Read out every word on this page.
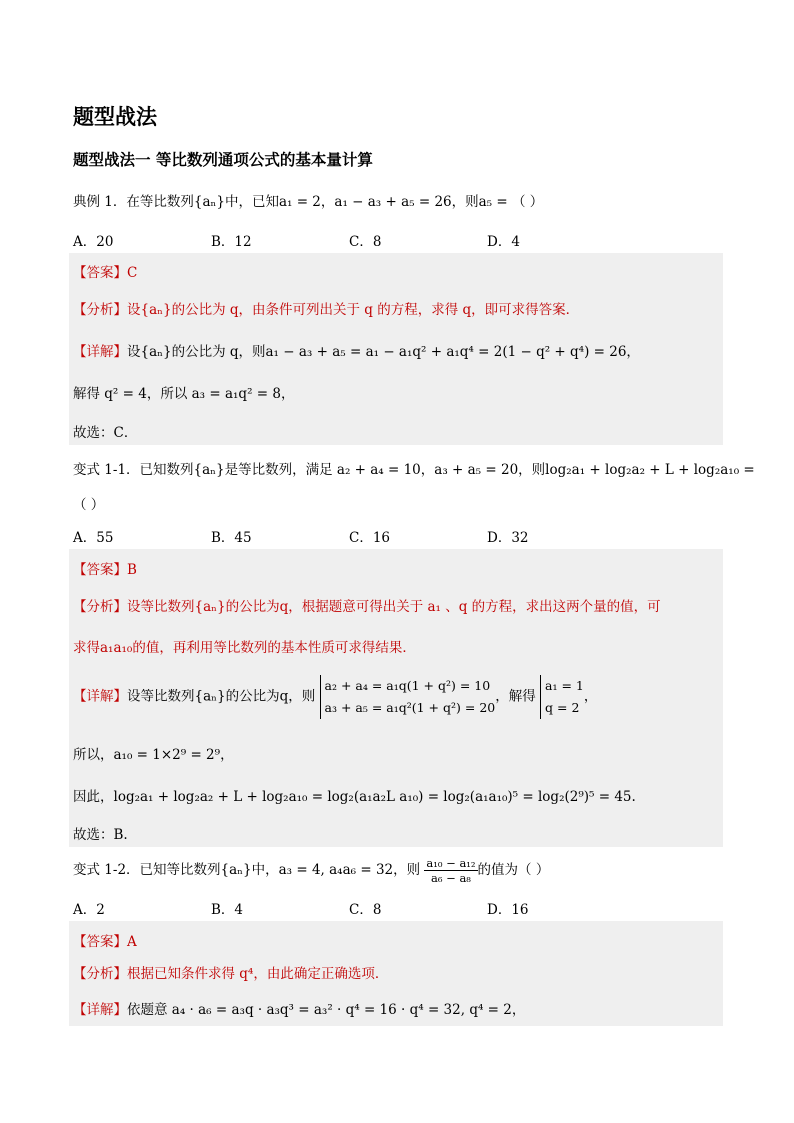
题型战法
题型战法一 等比数列通项公式的基本量计算
典例 1．在等比数列{aₙ}中，已知a₁ = 2，a₁ − a₃ + a₅ = 26，则a₅ = （ ）
A．20	B．12	C．8	D．4
【答案】C
【分析】设{aₙ}的公比为 q，由条件可列出关于 q 的方程，求得 q，即可求得答案．
【详解】设{aₙ}的公比为 q，则a₁ − a₃ + a₅ = a₁ − a₁q² + a₁q⁴ = 2(1 − q² + q⁴) = 26，
解得 q² = 4，所以 a₃ = a₁q² = 8，
故选：C．
变式 1-1．已知数列{aₙ}是等比数列，满足 a₂ + a₄ = 10，a₃ + a₅ = 20，则log₂a₁ + log₂a₂ + L + log₂a₁₀ =
（ ）
A．55	B．45	C．16	D．32
【答案】B
【分析】设等比数列{aₙ}的公比为q，根据题意可得出关于 a₁ 、q 的方程，求出这两个量的值，可
求得a₁a₁₀的值，再利用等比数列的基本性质可求得结果．
【详解】设等比数列{aₙ}的公比为q，则
a₂ + a₄ = a₁q(1 + q²) = 10
a₃ + a₅ = a₁q²(1 + q²) = 20
，解得
a₁ = 1
q = 2
，
所以，a₁₀ = 1×2⁹ = 2⁹，
因此，log₂a₁ + log₂a₂ + L + log₂a₁₀ = log₂(a₁a₂L a₁₀) = log₂(a₁a₁₀)⁵ = log₂(2⁹)⁵ = 45.
故选：B.
变式 1-2．已知等比数列{aₙ}中，a₃ = 4, a₄a₆ = 32，则 $\frac{\text{a₁₀ − a₁₂}}{\text{a₆ − a₈}}$ 的值为（ ）
A．2	B．4	C．8	D．16
【答案】A
【分析】根据已知条件求得 q⁴，由此确定正确选项．
【详解】依题意 a₄ · a₆ = a₃q · a₃q³ = a₃² · q⁴ = 16 · q⁴ = 32, q⁴ = 2，
